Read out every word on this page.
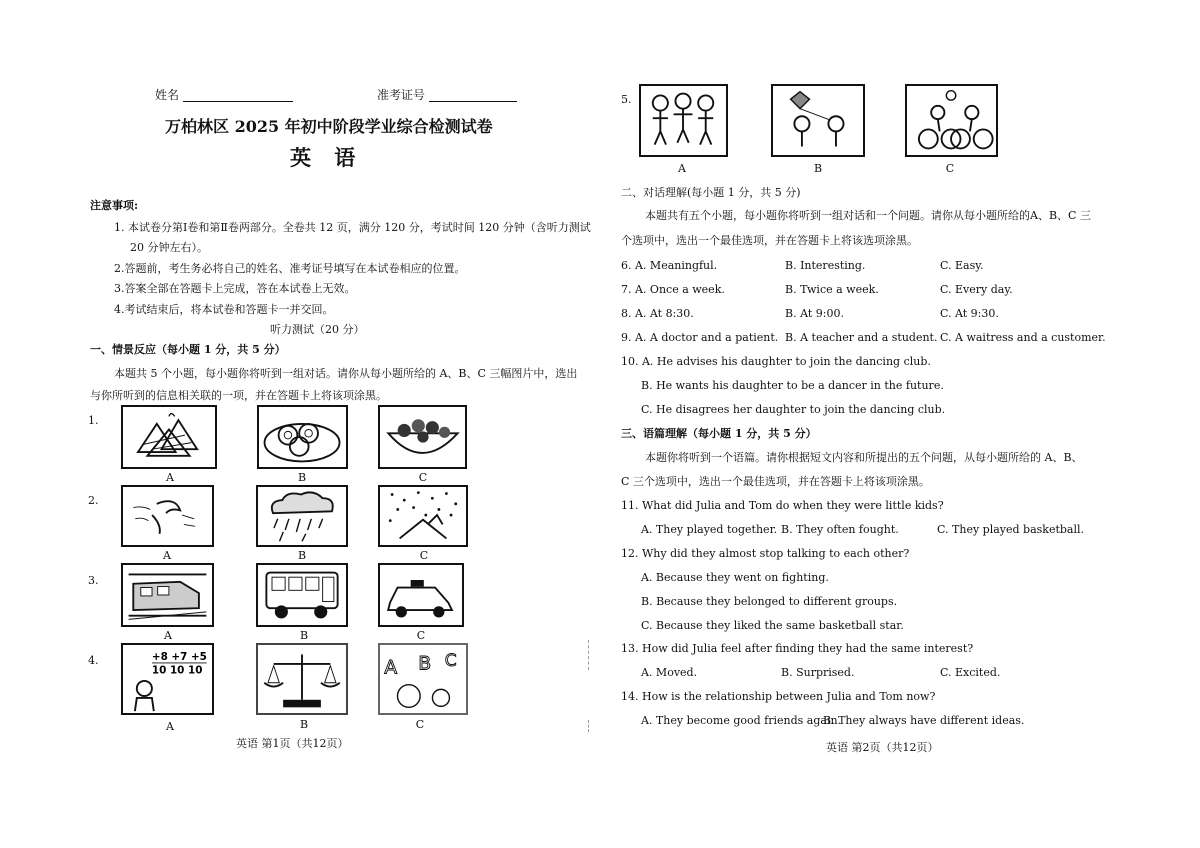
姓名	准考证号
万柏林区 2025 年初中阶段学业综合检测试卷
英 语
注意事项:
1. 本试卷分第Ⅰ卷和第Ⅱ卷两部分。全卷共 12 页，满分 120 分，考试时间 120 分钟（含听力测试
20 分钟左右）。
2.答题前，考生务必将自己的姓名、准考证号填写在本试卷相应的位置。
3.答案全部在答题卡上完成，答在本试卷上无效。
4.考试结束后，将本试卷和答题卡一并交回。
听力测试（20 分）
一、情景反应（每小题 1 分，共 5 分）
本题共 5 个小题，每小题你将听到一组对话。请你从每小题所给的 A、B、C 三幅图片中，选出
与你所听到的信息相关联的一项，并在答题卡上将该项涂黑。
1.
A	B	C
2.
A	B	C
3.
A	B	C
4.	+8 +7 +5
10 10 10	A B C
A	B	C
英语 第1页（共12页）
5.
A	B	C
二、对话理解(每小题 1 分，共 5 分)
本题共有五个小题，每小题你将听到一组对话和一个问题。请你从每小题所给的A、B、C 三
个选项中，选出一个最佳选项，并在答题卡上将该选项涂黑。
6. A. Meaningful.	B. Interesting.	C. Easy.
7. A. Once a week.	B. Twice a week.	C. Every day.
8. A. At 8:30.	B. At 9:00.	C. At 9:30.
9. A. A doctor and a patient. B. A teacher and a student. C. A waitress and a customer.
10. A. He advises his daughter to join the dancing club.
B. He wants his daughter to be a dancer in the future.
C. He disagrees her daughter to join the dancing club.
三、语篇理解（每小题 1 分，共 5 分）
本题你将听到一个语篇。请你根据短文内容和所提出的五个问题，从每小题所给的 A、B、
C 三个选项中，选出一个最佳选项，并在答题卡上将该项涂黑。
11. What did Julia and Tom do when they were little kids?
A. They played together. B. They often fought.	C. They played basketball.
12. Why did they almost stop talking to each other?
A. Because they went on fighting.
B. Because they belonged to different groups.
C. Because they liked the same basketball star.
13. How did Julia feel after finding they had the same interest?
A. Moved.	B. Surprised.	C. Excited.
14. How is the relationship between Julia and Tom now?
A. They become good friends again.
B. They always have different ideas.
英语 第2页（共12页）
